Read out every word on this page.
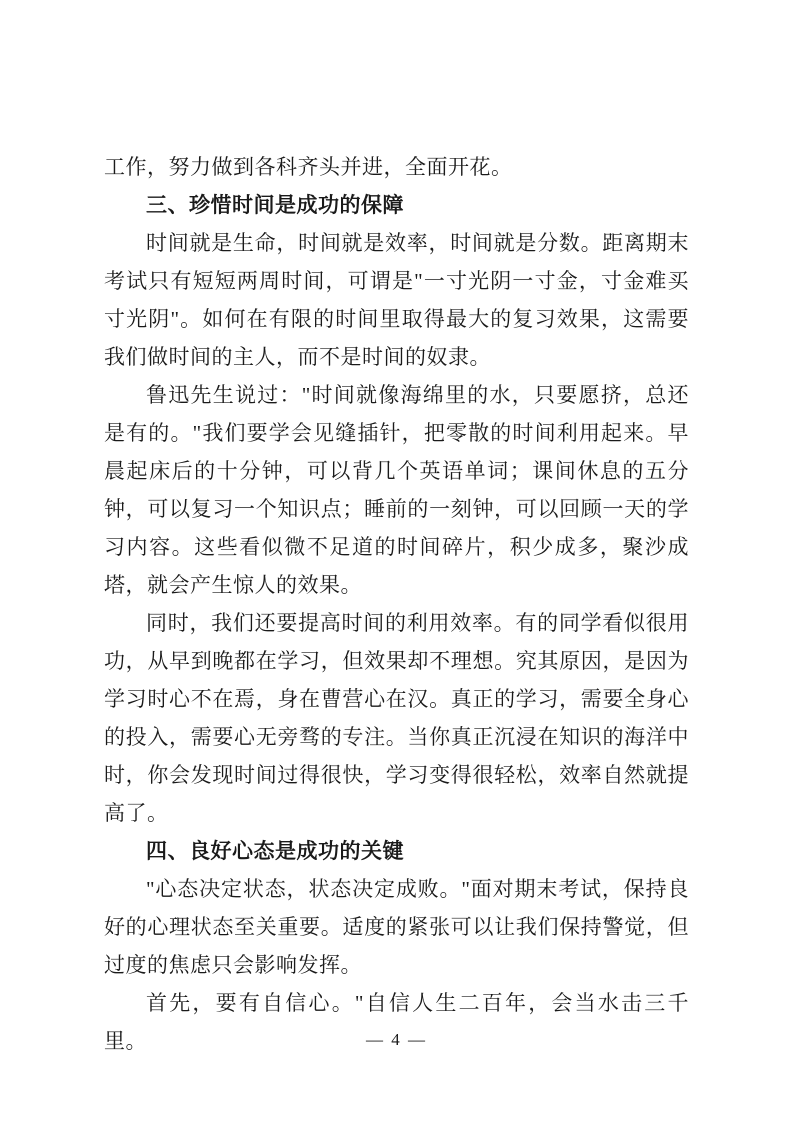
工作，努力做到各科齐头并进，全面开花。

三、珍惜时间是成功的保障

时间就是生命，时间就是效率，时间就是分数。距离期末考试只有短短两周时间，可谓是"一寸光阴一寸金，寸金难买寸光阴"。如何在有限的时间里取得最大的复习效果，这需要我们做时间的主人，而不是时间的奴隶。

鲁迅先生说过："时间就像海绵里的水，只要愿挤，总还是有的。"我们要学会见缝插针，把零散的时间利用起来。早晨起床后的十分钟，可以背几个英语单词；课间休息的五分钟，可以复习一个知识点；睡前的一刻钟，可以回顾一天的学习内容。这些看似微不足道的时间碎片，积少成多，聚沙成塔，就会产生惊人的效果。

同时，我们还要提高时间的利用效率。有的同学看似很用功，从早到晚都在学习，但效果却不理想。究其原因，是因为学习时心不在焉，身在曹营心在汉。真正的学习，需要全身心的投入，需要心无旁骛的专注。当你真正沉浸在知识的海洋中时，你会发现时间过得很快，学习变得很轻松，效率自然就提高了。

四、良好心态是成功的关键

"心态决定状态，状态决定成败。"面对期末考试，保持良好的心理状态至关重要。适度的紧张可以让我们保持警觉，但过度的焦虑只会影响发挥。

首先，要有自信心。"自信人生二百年，会当水击三千里。	— 4 —
